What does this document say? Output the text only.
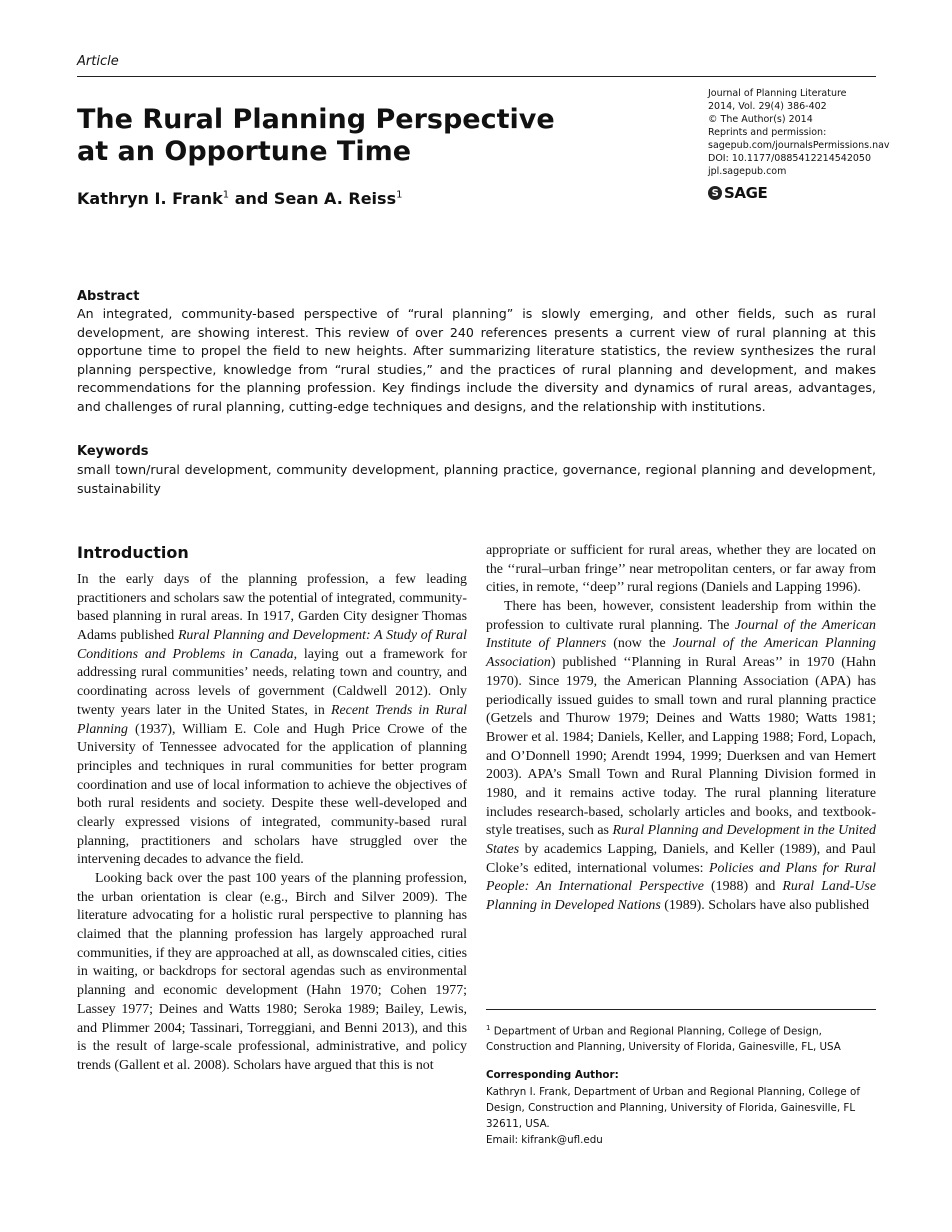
Article
The Rural Planning Perspective
at an Opportune Time
Kathryn I. Frank$^1$ and Sean A. Reiss$^1$
Journal of Planning Literature
2014, Vol. 29(4) 386-402
© The Author(s) 2014
Reprints and permission:
sagepub.com/journalsPermissions.nav
DOI: 10.1177/0885412214542050
jpl.sagepub.com
S SAGE
Abstract
An integrated, community-based perspective of “rural planning” is slowly emerging, and other fields, such as rural development, are showing interest. This review of over 240 references presents a current view of rural planning at this opportune time to propel the field to new heights. After summarizing literature statistics, the review synthesizes the rural planning perspective, knowledge from “rural studies,” and the practices of rural planning and development, and makes recommendations for the planning profession. Key findings include the diversity and dynamics of rural areas, advantages, and challenges of rural planning, cutting-edge techniques and designs, and the relationship with institutions.
Keywords
small town/rural development, community development, planning practice, governance, regional planning and development, sustainability
Introduction

In the early days of the planning profession, a few leading practitioners and scholars saw the potential of integrated, community-based planning in rural areas. In 1917, Garden City designer Thomas Adams published Rural Planning and Development: A Study of Rural Conditions and Problems in Canada, laying out a framework for addressing rural communities’ needs, relating town and country, and coordinating across levels of government (Caldwell 2012). Only twenty years later in the United States, in Recent Trends in Rural Planning (1937), William E. Cole and Hugh Price Crowe of the University of Tennessee advocated for the application of planning principles and techniques in rural communities for better program coordination and use of local information to achieve the objectives of both rural residents and society. Despite these well-developed and clearly expressed visions of integrated, community-based rural planning, practitioners and scholars have struggled over the intervening decades to advance the field.

Looking back over the past 100 years of the planning profession, the urban orientation is clear (e.g., Birch and Silver 2009). The literature advocating for a holistic rural perspective to planning has claimed that the planning profession has largely approached rural communities, if they are approached at all, as downscaled cities, cities in waiting, or backdrops for sectoral agendas such as environmental planning and economic development (Hahn 1970; Cohen 1977; Lassey 1977; Deines and Watts 1980; Seroka 1989; Bailey, Lewis, and Plimmer 2004; Tassinari, Torreggiani, and Benni 2013), and this is the result of large-scale professional, administrative, and policy trends (Gallent et al. 2008). Scholars have argued that this is not

appropriate or sufficient for rural areas, whether they are located on the ‘‘rural–urban fringe’’ near metropolitan centers, or far away from cities, in remote, ‘‘deep’’ rural regions (Daniels and Lapping 1996).

There has been, however, consistent leadership from within the profession to cultivate rural planning. The Journal of the American Institute of Planners (now the Journal of the American Planning Association) published ‘‘Planning in Rural Areas’’ in 1970 (Hahn 1970). Since 1979, the American Planning Association (APA) has periodically issued guides to small town and rural planning practice (Getzels and Thurow 1979; Deines and Watts 1980; Watts 1981; Brower et al. 1984; Daniels, Keller, and Lapping 1988; Ford, Lopach, and O’Donnell 1990; Arendt 1994, 1999; Duerksen and van Hemert 2003). APA’s Small Town and Rural Planning Division formed in 1980, and it remains active today. The rural planning literature includes research-based, scholarly articles and books, and textbook-style treatises, such as Rural Planning and Development in the United States by academics Lapping, Daniels, and Keller (1989), and Paul Cloke’s edited, international volumes: Policies and Plans for Rural People: An International Perspective (1988) and Rural Land-Use Planning in Developed Nations (1989). Scholars have also published

$^1$ Department of Urban and Regional Planning, College of Design, Construction and Planning, University of Florida, Gainesville, FL, USA
Corresponding Author:
Kathryn I. Frank, Department of Urban and Regional Planning, College of Design, Construction and Planning, University of Florida, Gainesville, FL 32611, USA.
Email: kifrank@ufl.edu
